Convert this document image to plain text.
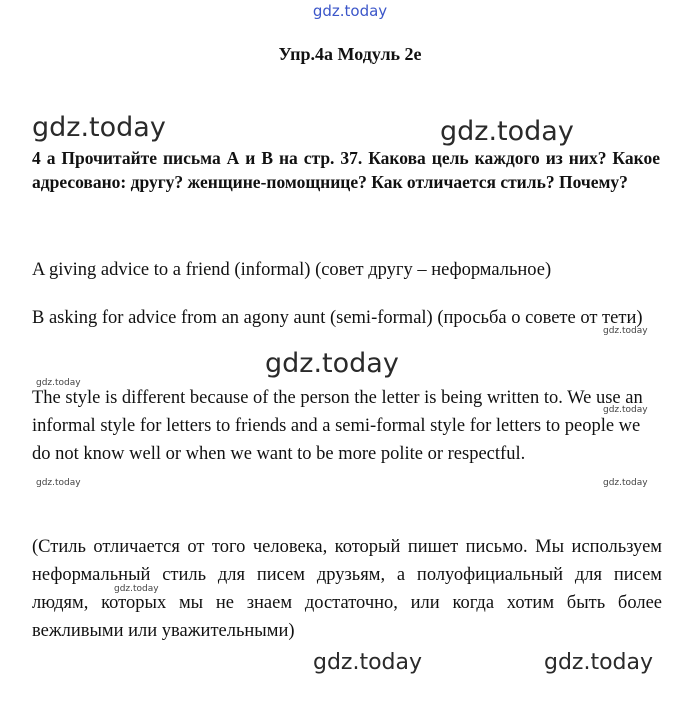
gdz.today
Упр.4а Модуль 2е
gdz.today	gdz.today
4 а Прочитайте письма А и В на стр. 37. Какова цель каждого из них? Какое адресовано: другу? женщине-помощнице? Как отличается стиль? Почему?
A giving advice to a friend (informal) (совет другу – неформальное)
B asking for advice from an agony aunt (semi-formal) (просьба о совете от тети)
gdz.today
gdz.today
gdz.today
The style is different because of the person the letter is being written to. We use an informal style for letters to friends and a semi-formal style for letters to people we do not know well or when we want to be more polite or respectful.
gdz.today
gdz.today	gdz.today
(Стиль отличается от того человека, который пишет письмо. Мы используем неформальный стиль для писем друзьям, а полуофициальный для писем людям, которых мы не знаем достаточно, или когда хотим быть более вежливыми или уважительными)
gdz.today
gdz.today	gdz.today
